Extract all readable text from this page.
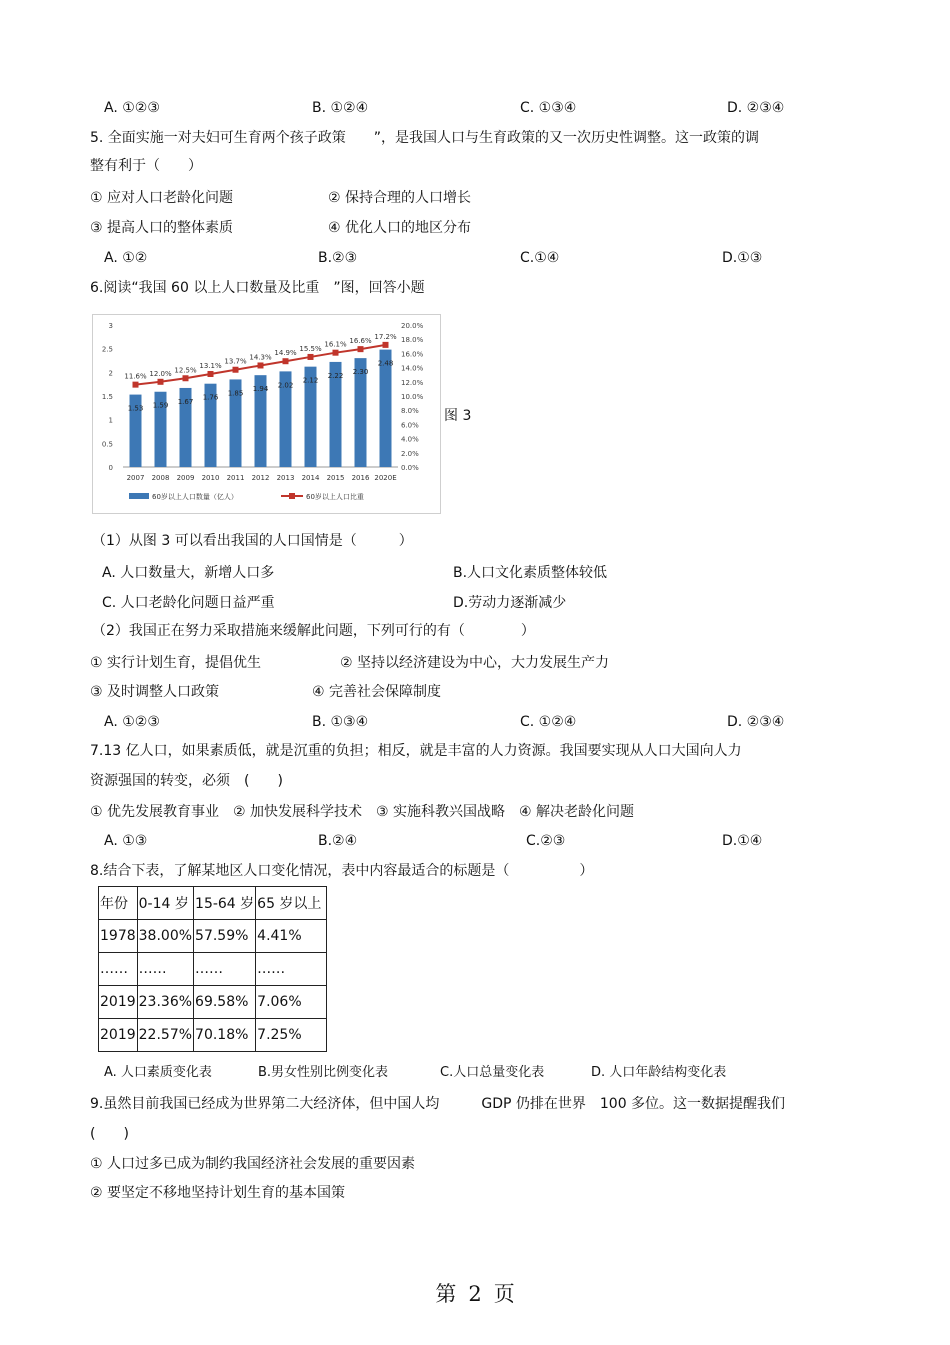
A. ①②③	B. ①②④	C. ①③④	D. ②③④
5. 全面实施一对夫妇可生育两个孩子政策　　”，是我国人口与生育政策的又一次历史性调整。这一政策的调
整有利于（　　）
① 应对人口老龄化问题	② 保持合理的人口增长
③ 提高人口的整体素质	④ 优化人口的地区分布
A. ①②	B.②③	C.①④	D.①③
6.阅读“我国 60 以上人口数量及比重　”图，回答小题
0
0.5
1
1.5
2
2.5
3
0.0%
2.0%
4.0%
6.0%
8.0%
10.0%
12.0%
14.0%
16.0%
18.0%
20.0%
1.53
2007
1.59
2008
1.67
2009
1.76
2010
1.85
2011
1.94
2012
2.02
2013
2.12
2014
2.22
2015
2.30
2016
2.48
2020E
11.6% 12.0% 12.5%
13.1%
13.7%
14.3%
14.9%
15.5%
16.1% 16.6%
17.2%
60岁以上人口数量（亿人）	60岁以上人口比重
图 3
（1）从图 3 可以看出我国的人口国情是（　　　）
A. 人口数量大，新增人口多	B.人口文化素质整体较低
C. 人口老龄化问题日益严重	D.劳动力逐渐减少
（2）我国正在努力采取措施来缓解此问题，下列可行的有（　　　　）
① 实行计划生育，提倡优生	② 坚持以经济建设为中心，大力发展生产力
③ 及时调整人口政策	④ 完善社会保障制度
A. ①②③	B. ①③④	C. ①②④	D. ②③④
7.13 亿人口，如果素质低，就是沉重的负担；相反，就是丰富的人力资源。我国要实现从人口大国向人力
资源强国的转变，必须　(　　)
① 优先发展教育事业　② 加快发展科学技术　③ 实施科教兴国战略　④ 解决老龄化问题
A. ①③	B.②④	C.②③	D.①④
8.结合下表，了解某地区人口变化情况，表中内容最适合的标题是（　　　　　）
年份	0-14 岁	15-64 岁	65 岁以上
1978	38.00%	57.59%	4.41%
……	……	……	……
2019	23.36%	69.58%	7.06%
2019	22.57%	70.18%	7.25%
A. 人口素质变化表	B.男女性别比例变化表	C.人口总量变化表	D. 人口年龄结构变化表
9.虽然目前我国已经成为世界第二大经济体，但中国人均　　　GDP 仍排在世界　100 多位。这一数据提醒我们
(　　)
① 人口过多已成为制约我国经济社会发展的重要因素
② 要坚定不移地坚持计划生育的基本国策
第 2 页
